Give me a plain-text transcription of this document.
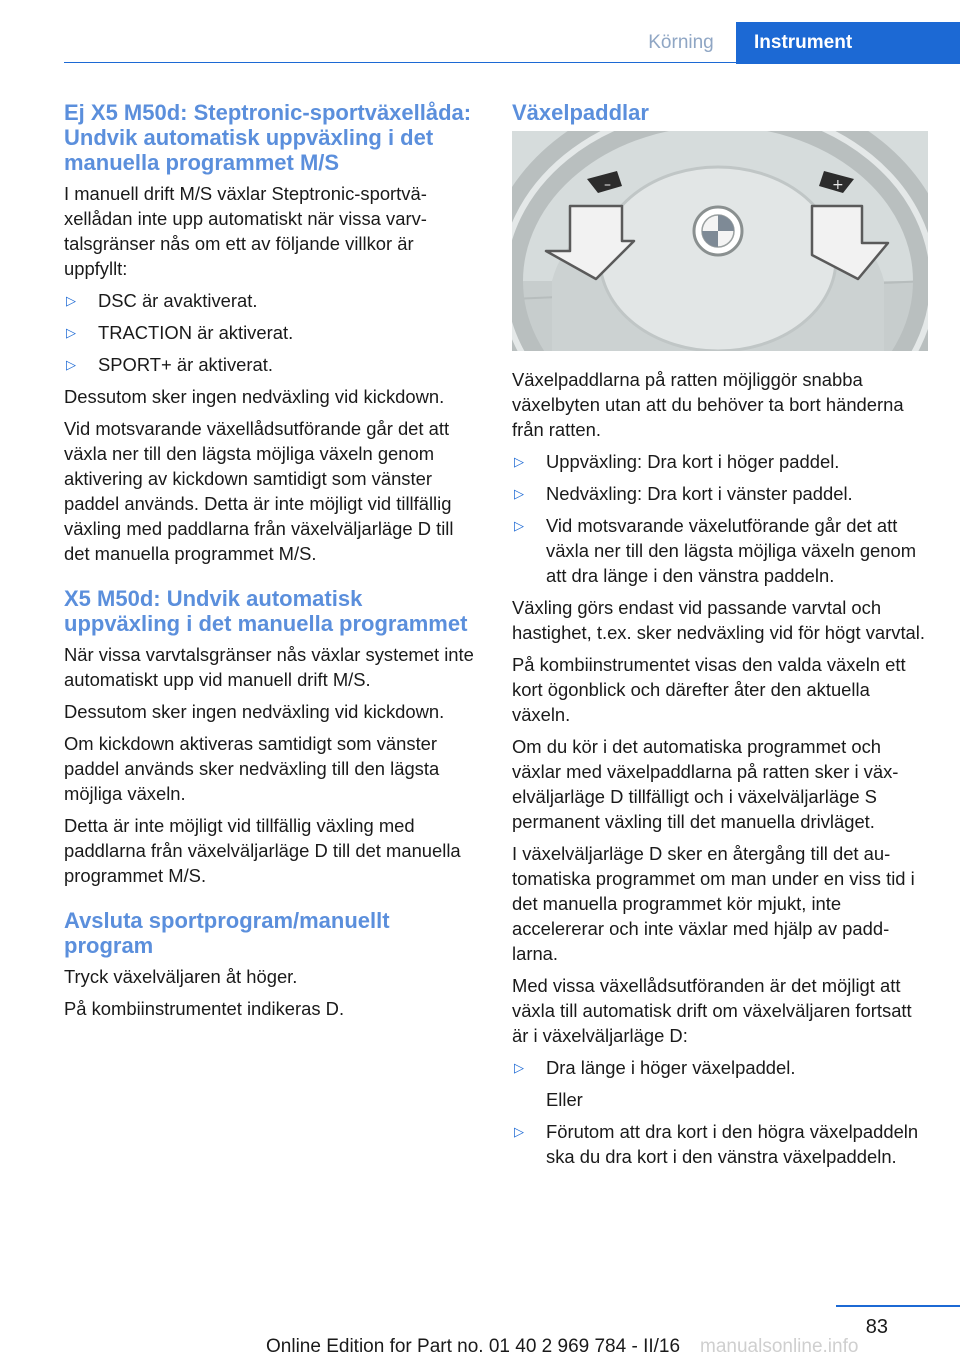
Körning	Instrument
Ej X5 M50d: Steptronic-sportväxellåda: Undvik automatisk uppväxling i det manuella programmet M/S

I manuell drift M/S växlar Steptronic-sportväxellådan inte upp automatiskt när vissa varvtalsgränser nås om ett av följande villkor är uppfyllt:

▷ DSC är avaktiverat.
▷ TRACTION är aktiverat.
▷ SPORT+ är aktiverat.

Dessutom sker ingen nedväxling vid kickdown.

Vid motsvarande växellådsutförande går det att växla ner till den lägsta möjliga växeln genom aktivering av kickdown samtidigt som vänster paddel används. Detta är inte möjligt vid tillfällig växling med paddlarna från växelväljarläge D till det manuella programmet M/S.

X5 M50d: Undvik automatisk uppväxling i det manuella programmet

När vissa varvtalsgränser nås växlar systemet inte automatiskt upp vid manuell drift M/S.

Dessutom sker ingen nedväxling vid kickdown.

Om kickdown aktiveras samtidigt som vänster paddel används sker nedväxling till den lägsta möjliga växeln.

Detta är inte möjligt vid tillfällig växling med paddlarna från växelväljarläge D till det manuella programmet M/S.

Avsluta sportprogram/manuellt program

Tryck växelväljaren åt höger.

På kombiinstrumentet indikeras D.

Växelpaddlar
–	+

Växelpaddlarna på ratten möjliggör snabba växelbyten utan att du behöver ta bort händerna från ratten.

▷ Uppväxling: Dra kort i höger paddel.
▷ Nedväxling: Dra kort i vänster paddel.
▷ Vid motsvarande växelutförande går det att växla ner till den lägsta möjliga växeln genom att dra länge i den vänstra paddeln.

Växling görs endast vid passande varvtal och hastighet, t.ex. sker nedväxling vid för högt varvtal.

På kombiinstrumentet visas den valda växeln ett kort ögonblick och därefter åter den aktuella växeln.

Om du kör i det automatiska programmet och växlar med växelpaddlarna på ratten sker i växelväljarläge D tillfälligt och i växelväljarläge S permanent växling till det manuella drivläget.

I växelväljarläge D sker en återgång till det automatiska programmet om man under en viss tid i det manuella programmet kör mjukt, inte accelererar och inte växlar med hjälp av paddlarna.

Med vissa växellådsutföranden är det möjligt att växla till automatisk drift om växelväljaren fortsatt är i växelväljarläge D:

▷ Dra länge i höger växelpaddel.
Eller
▷ Förutom att dra kort i den högra växelpaddeln ska du dra kort i den vänstra växelpaddeln.
83
Online Edition for Part no. 01 40 2 969 784 - II/16 manualsonline.info
